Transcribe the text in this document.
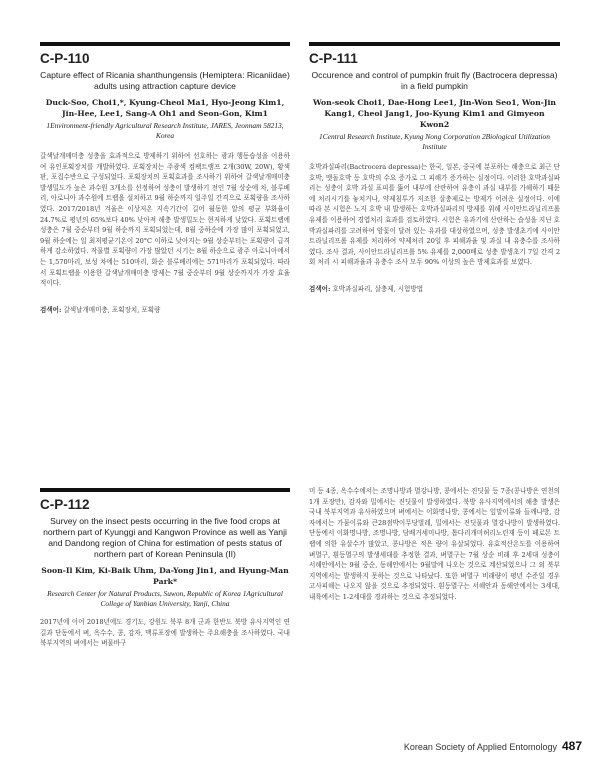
C-P-110

Capture effect of Ricania shanthungensis (Hemiptera: Ricaniidae) adults using attraction capture device

Duck-Soo, Choi1,*, Kyung-Cheol Ma1, Hyo-Jeong Kim1, Jin-Hee, Lee1, Sang-A Oh1 and Seon-Gon, Kim1

1Environment-friendly Agricultural Research Institute, JARES, Jeonnam 58213, Korea

갈색날개매미충 성충을 효과적으로 방제하기 위하여 선호하는 광과 행동습성을 이용하여 유인포획장치를 개발하였다. 포획장치는 주광색 컴팩트램프 2개(30W, 20W), 황색판, 포집수반으로 구성되었다. 포획장치의 포획효과를 조사하기 위하여 갈색날개매미충 발생밀도가 높은 과수원 3개소를 선정하여 성충이 발생하기 전인 7월 상순에 차, 블루베리, 아로니아 과수원에 트랩을 설치하고 9월 하순까지 일주일 간격으로 포획량을 조사하였다. 2017/2018년 겨울은 이상저온 지속기간이 길어 월동한 알의 평균 부화율이 24.7%로 평년의 65%보다 40% 낮아져 해충 발생밀도는 현저하게 낮았다. 포획트랩에 성충은 7월 중순부터 9월 하순까지 포획되었는데, 8월 중하순에 가장 많이 포획되었고, 9월 하순에는 일 최저평균기온이 20°C 이하로 낮아지는 9월 상순부터는 포획량이 급격하게 감소하였다. 작물별 포획량이 가장 많았던 시기는 8월 하순으로 광주 아로니아에서는 1,570마리, 보성 차에는 510마리, 화순 블루베리에는 571마리가 포획되었다. 따라서 포획트랩을 이용한 갈색날개매미충 방제는 7월 중순부터 9월 상순까지가 가장 효율적이다.

검색어: 갈색날개매미충, 포획장치, 포획량

C-P-111

Occurence and control of pumpkin fruit fly (Bactrocera depressa) in a field pumpkin

Won-seok Choi1, Dae-Hong Lee1, Jin-Won Seo1, Won-Jin Kang1, Cheol Jang1, Joo-Kyung Kim1 and Gimyeon Kwon2

1Central Research Institute, Kyung Nong Corporation 2Biological Utilization Institute

호박과실파리(Bactrocera depressa)는 한국, 일본, 중국에 분포하는 해충으로 최근 단호박, 맷돌호박 등 호박의 수요 증가로 그 피해가 증가하는 실정이다. 이러한 호박과실파리는 성충이 호박 과실 표피를 뚫어 내부에 산란하여 유충이 과실 내부를 가해하기 때문에 처리시기를 놓치거나, 약제침투가 저조한 살충제로는 방제가 어려운 실정이다. 이에 따라 본 시험은 노지 호박 내 발생하는 호박과실파리의 방제를 위해 사이안트라닐리프롤 유제를 이용하여 경엽처리 효과를 검토하였다. 시험은 유과기에 산란하는 습성을 지닌 호박과실파리를 고려하여 암꽃이 달려 있는 유과를 대상하였으며, 성충 발생초기에 사이안트라닐리프롤 유제를 처리하여 약제처리 20일 후 피해과율 및 과실 내 유충수를 조사하였다. 조사 결과, 사이안트라닐리프롤 5% 유제를 2,000배로 성충 발생초기 7일 간격 2회 처리 시 피해과율과 유충수 조사 모두 90% 이상의 높은 방제효과를 보였다.

검색어: 호박과실파리, 살충제, 시험방법

C-P-112

Survey on the insect pests occurring in the five food crops at northern part of Kyunggi and Kangwon Province as well as Yanji and Dandong region of China for estimation of pests status of northern part of Korean Peninsula (II)

Soon-Il Kim, Ki-Baik Uhm, Da-Yong Jin1, and Hyung-Man Park*

Research Center for Natural Products, Suwon, Republic of Korea 1Agricultural College of Yanbian University, Yanji, China

2017년에 이어 2018년에도 경기도, 강원도 북부 8개 군과 한반도 북방 유사지역인 연길과 단동에서 벼, 옥수수, 콩, 감자, 맥류포장에 발생하는 주요해충을 조사하였다. 국내 북부지역의 벼에서는 벼물바구

미 등 4종, 옥수수에서는 조명나방과 멸강나방, 콩에서는 진딧물 등 7종(콩나방은 연천의 1개 포장만), 감자와 밀에서는 진딧물이 발생하였다. 북방 유사지역에서의 해충 발생은 국내 북부지역과 유사하였으며 벼에서는 이화명나방, 콩에서는 잎말이류와 들깨나방, 감자에서는 가뭄이류와 큰28점박이무당벌레, 밀에서는 진딧물과 멸강나방이 발생하였다. 단동에서 이화명나방, 조명나방, 담배거세미나방, 톱다리개미허리노린재 등이 페로몬 트랩에 의한 유살수가 많았고, 콩나방은 적은 량이 유살되었다. 유효적산온도를 이용하여 벼멸구, 흰등멸구의 발생세대를 추정한 결과, 벼멸구는 7월 상순 비래 후 2세대 성충이 서해안에서는 9월 중순, 동해안에서는 9월말에 나오는 것으로 계산되었으나 그 외 북부지역에서는 발생하지 못하는 것으로 나타났다. 또한 벼멸구 비래량이 평년 수준일 경우 고사피해는 나오지 않을 것으로 추정되었다. 흰등멸구는 서해안과 동해안에서는 3세대, 내륙에서는 1-2세대를 경과하는 것으로 추정되었다.

Korean Society of Applied Entomology 487
